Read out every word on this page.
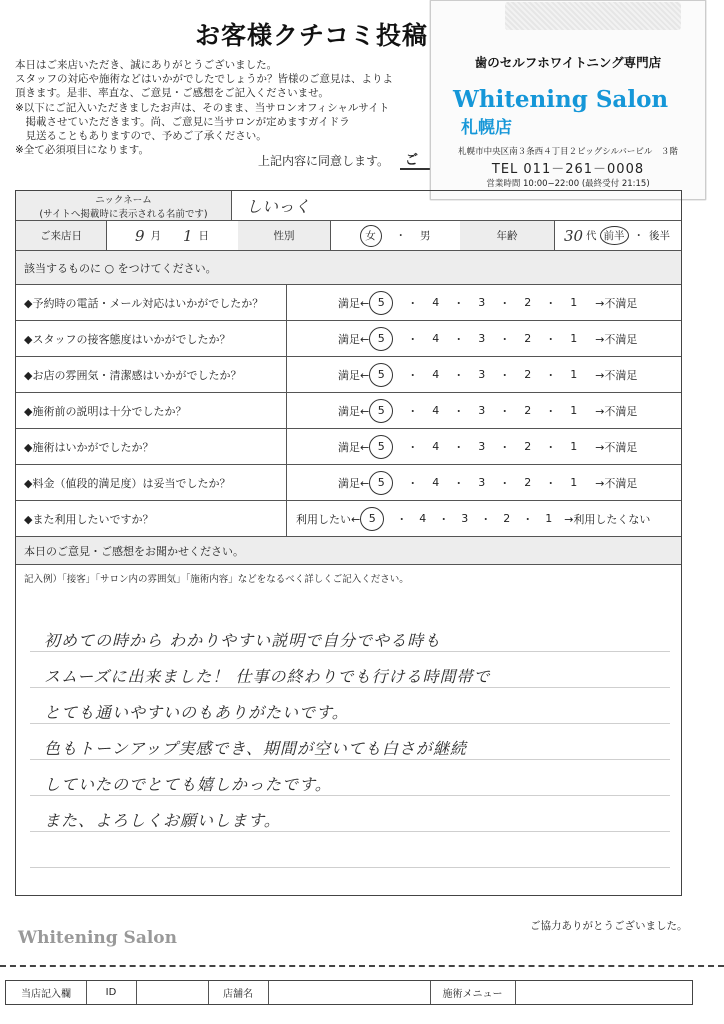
お客様クチコミ投稿
本日はご来店いただき、誠にありがとうございました。
スタッフの対応や施術などはいかがでしたでしょうか？皆様のご意見は、よりよ
頂きます。是非、率直な、ご意見・ご感想をご記入くださいませ。
※以下にご記入いただきましたお声は、そのまま、当サロンオフィシャルサイト
　掲載させていただきます。尚、ご意見に当サロンが定めますガイドラ
　見送ることもありますので、予めご了承ください。
※全て必須項目になります。
上記内容に同意します。 ご
歯のセルフホワイトニング専門店
Whitening Salon札幌店
札幌市中央区南３条西４丁目２ビッグシルバービル　３階
TEL 011－261－0008
営業時間 10:00−22:00 (最終受付 21:15)
ニックネーム
(サイトへ掲載時に表示される名前です) しいっく
ご来店日	9 月 1 日	性別	女	・ 男	年齢	30 代 前半 ・ 後半
該当するものに ○ をつけてください。
◆予約時の電話・メール対応はいかがでしたか？	満足← 5	・ 4 ・ 3 ・ 2 ・ 1 →不満足
◆スタッフの接客態度はいかがでしたか？	満足← 5	・ 4 ・ 3 ・ 2 ・ 1 →不満足
◆お店の雰囲気・清潔感はいかがでしたか？	満足← 5	・ 4 ・ 3 ・ 2 ・ 1 →不満足
◆施術前の説明は十分でしたか？	満足← 5	・ 4 ・ 3 ・ 2 ・ 1 →不満足
◆施術はいかがでしたか？	満足← 5	・ 4 ・ 3 ・ 2 ・ 1 →不満足
◆料金（値段的満足度）は妥当でしたか？	満足← 5	・ 4 ・ 3 ・ 2 ・ 1 →不満足
◆また利用したいですか？	利用したい← 5	・ 4 ・ 3 ・ 2 ・ 1 →利用したくない
本日のご意見・ご感想をお聞かせください。
記入例）「接客」「サロン内の雰囲気」「施術内容」などをなるべく詳しくご記入ください。
初めての時から わかりやすい説明で自分でやる時も
スムーズに出来ました！ 仕事の終わりでも行ける時間帯で
とても通いやすいのもありがたいです。
色もトーンアップ実感でき、期間が空いても白さが継続
していたのでとても嬉しかったです。
また、よろしくお願いします。
ご協力ありがとうございました。
Whitening Salon
当店記入欄	ID	店舗名	施術メニュー
